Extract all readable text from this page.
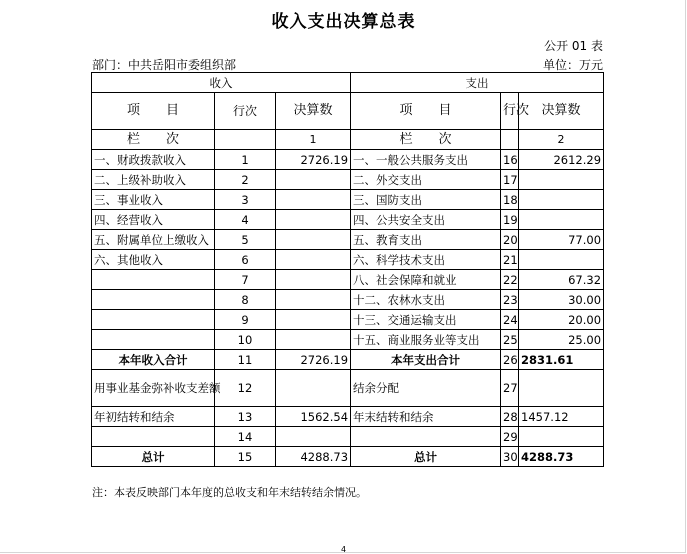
收入支出决算总表
公开 01 表
部门：中共岳阳市委组织部	单位：万元
收入			支出		
项　　目	行次	决算数	项　　目	行次	决算数
栏　　次		1	栏　　次		2
一、财政拨款收入	1	2726.19	一、一般公共服务支出	16	2612.29
二、上级补助收入	2		二、外交支出	17	
三、事业收入	3		三、国防支出	18	
四、经营收入	4		四、公共安全支出	19	
五、附属单位上缴收入	5		五、教育支出	20	77.00
六、其他收入	6		六、科学技术支出	21	
	7		八、社会保障和就业	22	67.32
	8		十二、农林水支出	23	30.00
	9		十三、交通运输支出	24	20.00
	10		十五、商业服务业等支出	25	25.00
本年收入合计	11	2726.19	本年支出合计	26	2831.61
用事业基金弥补收支差额	12		结余分配	27	
年初结转和结余	13	1562.54	年末结转和结余	28	1457.12
	14			29	
总计	15	4288.73	总计	30	4288.73
注：本表反映部门本年度的总收支和年末结转结余情况。
4
